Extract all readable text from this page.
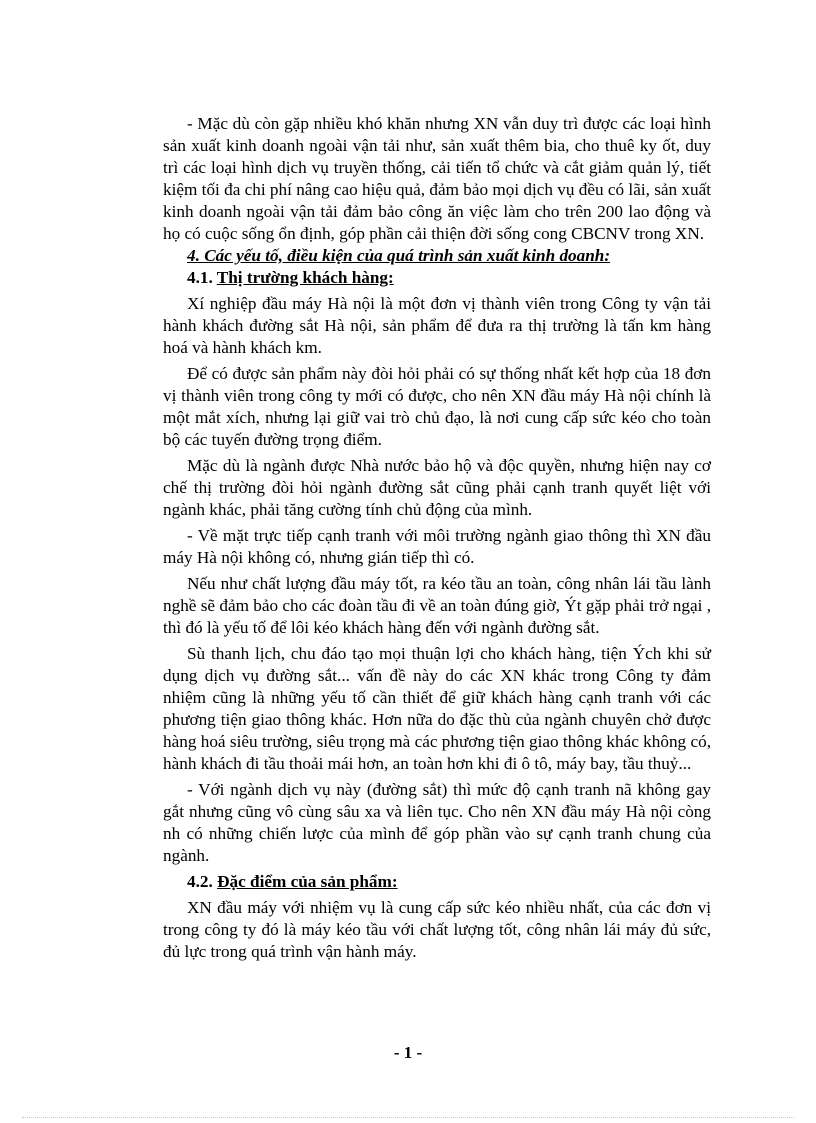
- Mặc dù còn gặp nhiều khó khăn nhưng XN vẫn duy trì được các loại hình sản xuất kinh doanh ngoài vận tải như, sản xuất thêm bia, cho thuê ky ốt, duy trì các loại hình dịch vụ truyền thống, cải tiến tổ chức và cắt giảm quản lý, tiết kiệm tối đa chi phí nâng cao hiệu quả, đảm bảo mọi dịch vụ đều có lãi, sản xuất kinh doanh ngoài vận tải đảm bảo công ăn việc làm cho trên 200 lao động và họ có cuộc sống ổn định, góp phần cải thiện đời sống cong CBCNV trong XN.

4. Các yếu tố, điều kiện của quá trình sản xuất kinh doanh:

4.1. Thị trường khách hàng:

Xí nghiệp đầu máy Hà nội là một đơn vị thành viên trong Công ty vận tải hành khách đường sắt Hà nội, sản phẩm để đưa ra thị trường là tấn km hàng hoá và hành khách km.

Để có được sản phẩm này đòi hỏi phải có sự thống nhất kết hợp của 18 đơn vị thành viên trong công ty mới có được, cho nên XN đầu máy Hà nội chính là một mắt xích, nhưng lại giữ vai trò chủ đạo, là nơi cung cấp sức kéo cho toàn bộ các tuyến đường trọng điểm.

Mặc dù là ngành được Nhà nước bảo hộ và độc quyền, nhưng hiện nay cơ chế thị trường đòi hỏi ngành đường sắt cũng phải cạnh tranh quyết liệt với ngành khác, phải tăng cường tính chủ động của mình.

- Về mặt trực tiếp cạnh tranh với môi trường ngành giao thông thì XN đầu máy Hà nội không có, nhưng gián tiếp thì có.

Nếu như chất lượng đầu máy tốt, ra kéo tầu an toàn, công nhân lái tầu lành nghề sẽ đảm bảo cho các đoàn tầu đi về an toàn đúng giờ, Ýt gặp phải trở ngại , thì đó là yếu tố để lôi kéo khách hàng đến với ngành đường sắt.

Sù thanh lịch, chu đáo tạo mọi thuận lợi cho khách hàng, tiện Ých khi sử dụng dịch vụ đường sắt... vấn đề này do các XN khác trong Công ty đảm nhiệm cũng là những yếu tố cần thiết để giữ khách hàng cạnh tranh với các phương tiện giao thông khác. Hơn nữa do đặc thù của ngành chuyên chở được hàng hoá siêu trường, siêu trọng mà các phương tiện giao thông khác không có, hành khách đi tầu thoải mái hơn, an toàn hơn khi đi ô tô, máy bay, tầu thuỷ...

- Với ngành dịch vụ này (đường sắt) thì mức độ cạnh tranh nã không gay gắt nhưng cũng vô cùng sâu xa và liên tục. Cho nên XN đầu máy Hà nội còng nh có những chiến lược của mình để góp phần vào sự cạnh tranh chung của ngành.

4.2. Đặc điểm của sản phẩm:

XN đầu máy với nhiệm vụ là cung cấp sức kéo nhiều nhất, của các đơn vị trong công ty đó là máy kéo tầu với chất lượng tốt, công nhân lái máy đủ sức, đủ lực trong quá trình vận hành máy.

- 1 -
